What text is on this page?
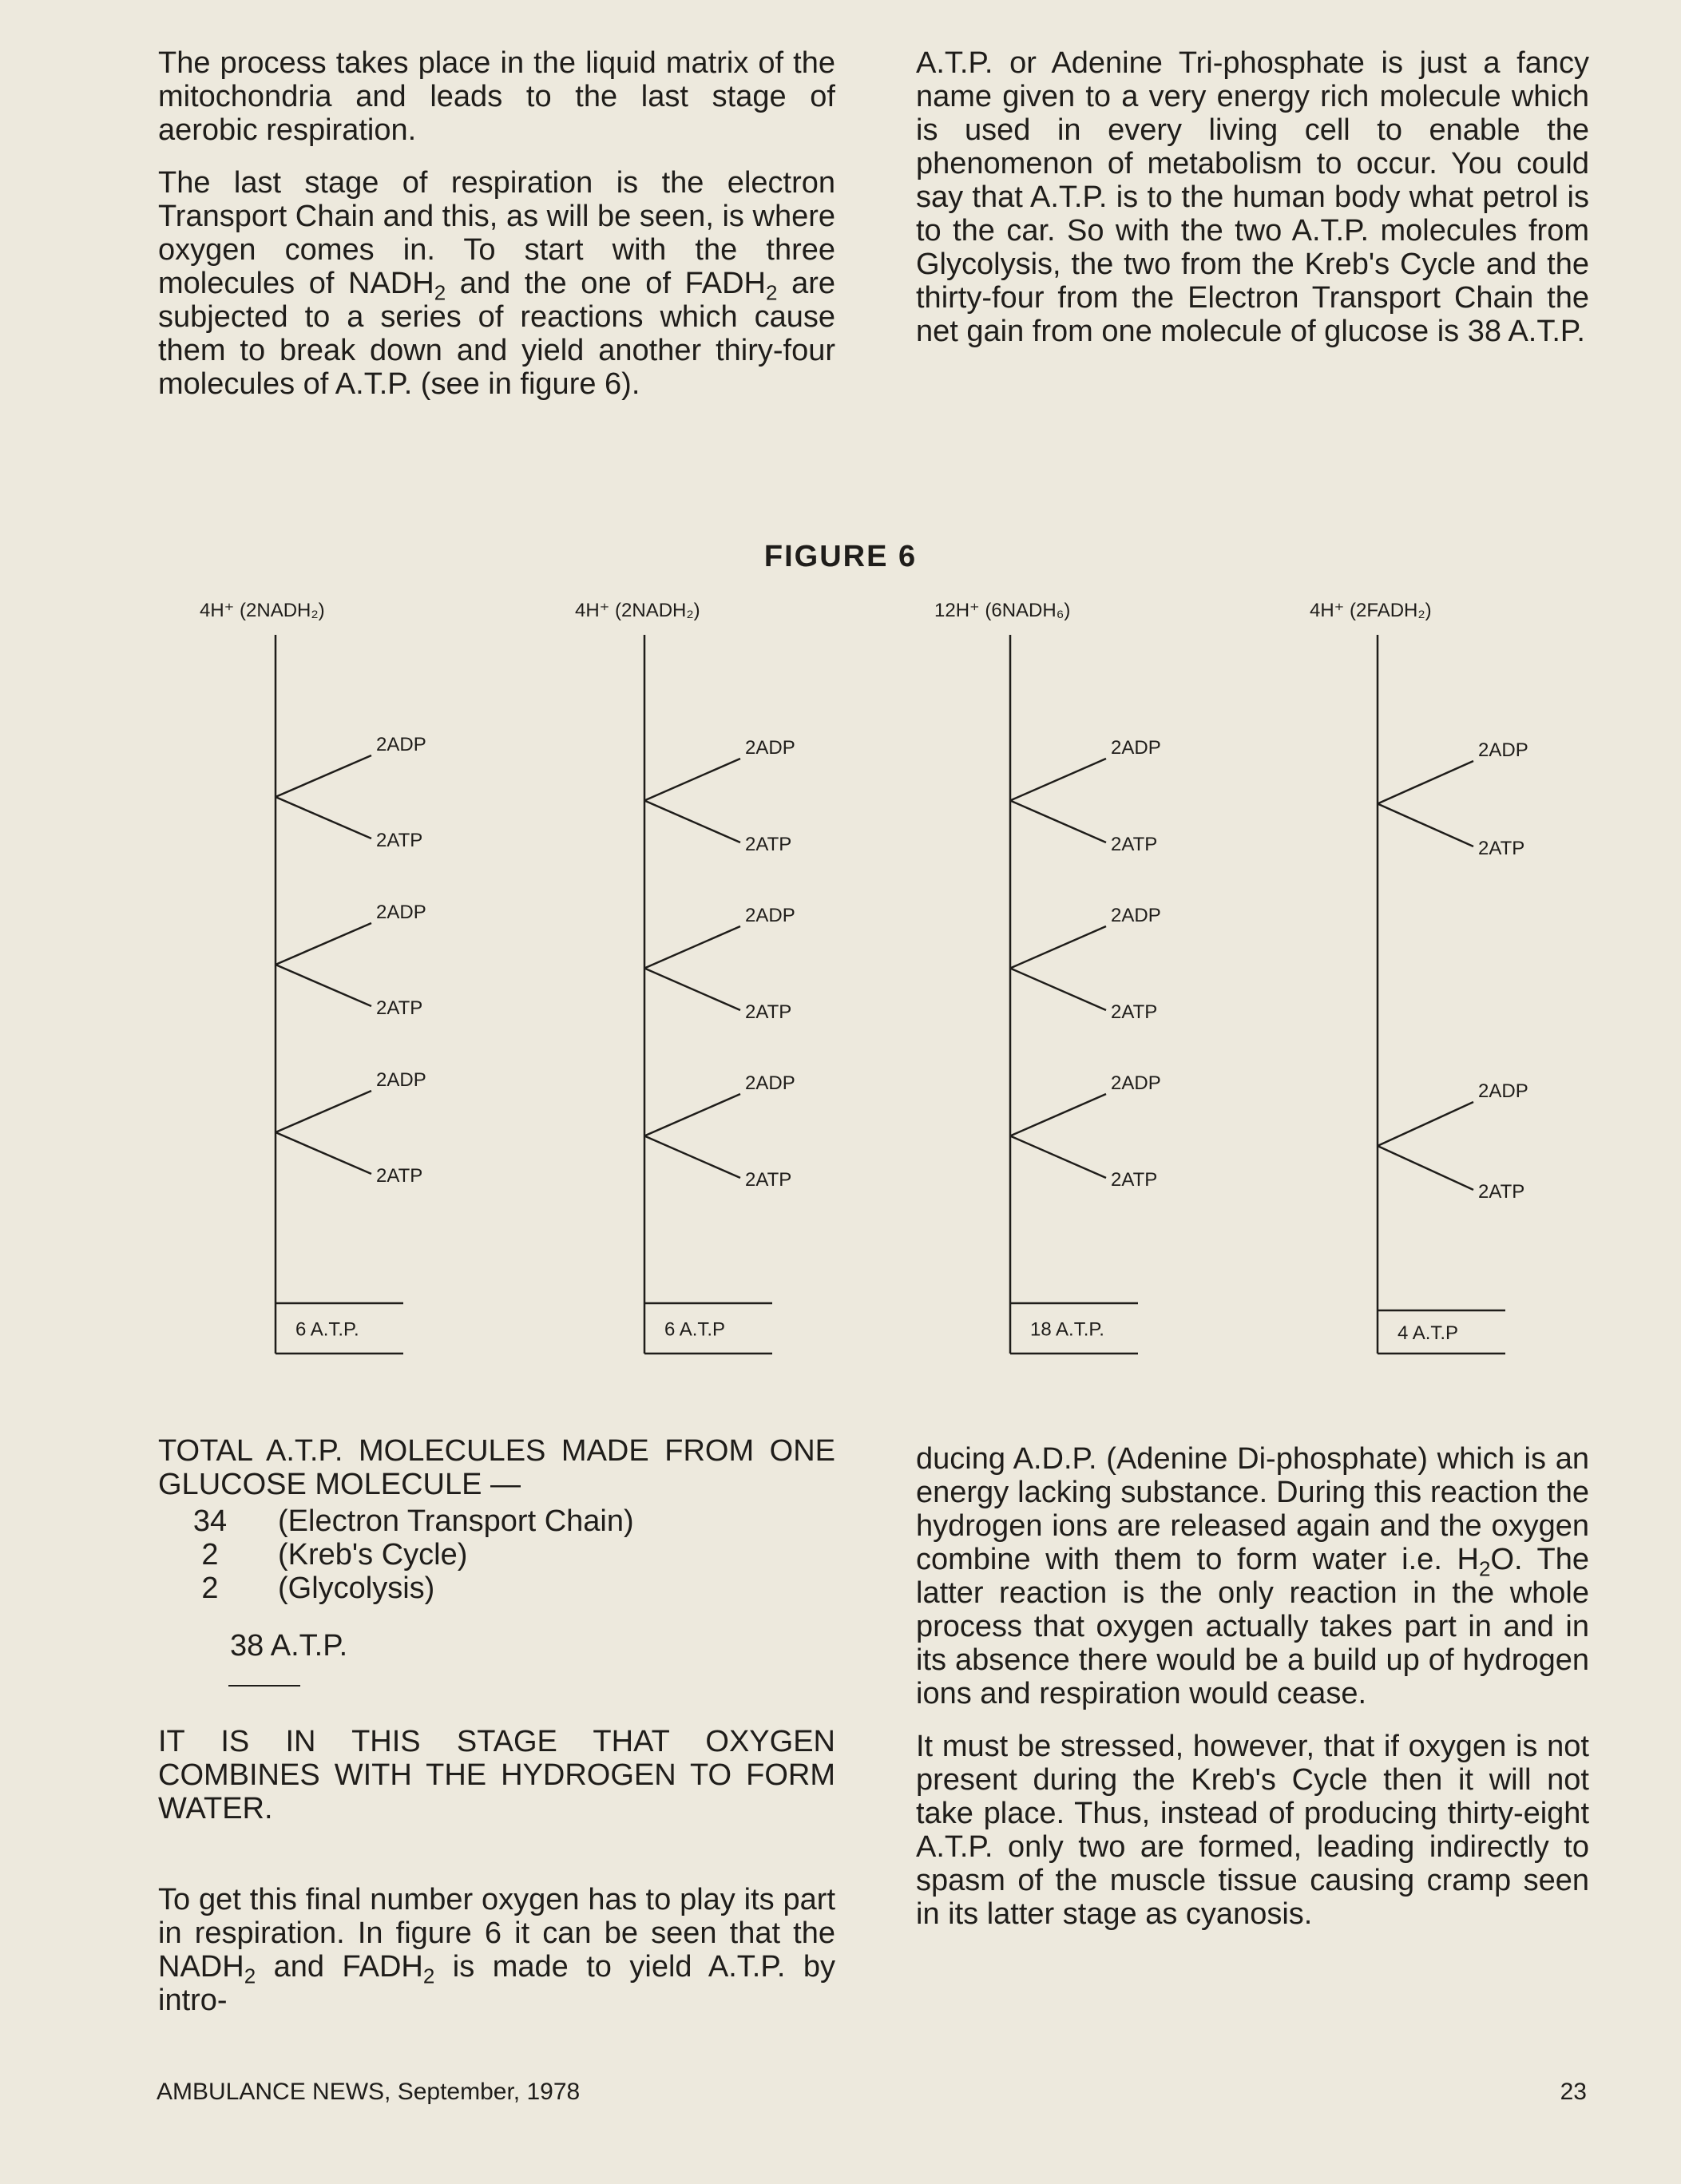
The process takes place in the liquid matrix of the mitochondria and leads to the last stage of aerobic respiration.

The last stage of respiration is the electron Transport Chain and this, as will be seen, is where oxygen comes in. To start with the three molecules of $NADH_2$ and the one of $FADH_2$ are subjected to a series of reactions which cause them to break down and yield another thiry-four molecules of A.T.P. (see in figure 6).

A.T.P. or Adenine Tri-phosphate is just a fancy name given to a very energy rich molecule which is used in every living cell to enable the phenomenon of metabolism to occur. You could say that A.T.P. is to the human body what petrol is to the car. So with the two A.T.P. molecules from Glycolysis, the two from the Kreb's Cycle and the thirty-four from the Electron Transport Chain the net gain from one molecule of glucose is 38 A.T.P.

FIGURE 6
4H⁺ (2NADH₂)
2ADP
2ATP
2ADP
2ATP
2ADP
2ATP
6 A.T.P.
4H⁺ (2NADH₂)
2ADP
2ATP
2ADP
2ATP
2ADP
2ATP
6 A.T.P
12H⁺ (6NADH₆)
2ADP
2ATP
2ADP
2ATP
2ADP
2ATP
18 A.T.P.
4H⁺ (2FADH₂)
2ADP
2ATP
2ADP
2ATP
4 A.T.P

TOTAL A.T.P. MOLECULES MADE FROM ONE GLUCOSE MOLECULE —

34	(Electron Transport Chain)
2	(Kreb's Cycle)
2	(Glycolysis)
38 A.T.P.

IT IS IN THIS STAGE THAT OXYGEN COMBINES WITH THE HYDROGEN TO FORM WATER.

To get this final number oxygen has to play its part in respiration. In figure 6 it can be seen that the $NADH_2$ and $FADH_2$ is made to yield A.T.P. by intro-

ducing A.D.P. (Adenine Di-phosphate) which is an energy lacking substance. During this reaction the hydrogen ions are released again and the oxygen combine with them to form water i.e. $H_2O$. The latter reaction is the only reaction in the whole process that oxygen actually takes part in and in its absence there would be a build up of hydrogen ions and respiration would cease.

It must be stressed, however, that if oxygen is not present during the Kreb's Cycle then it will not take place. Thus, instead of producing thirty-eight A.T.P. only two are formed, leading indirectly to spasm of the muscle tissue causing cramp seen in its latter stage as cyanosis.

AMBULANCE NEWS, September, 1978	23
